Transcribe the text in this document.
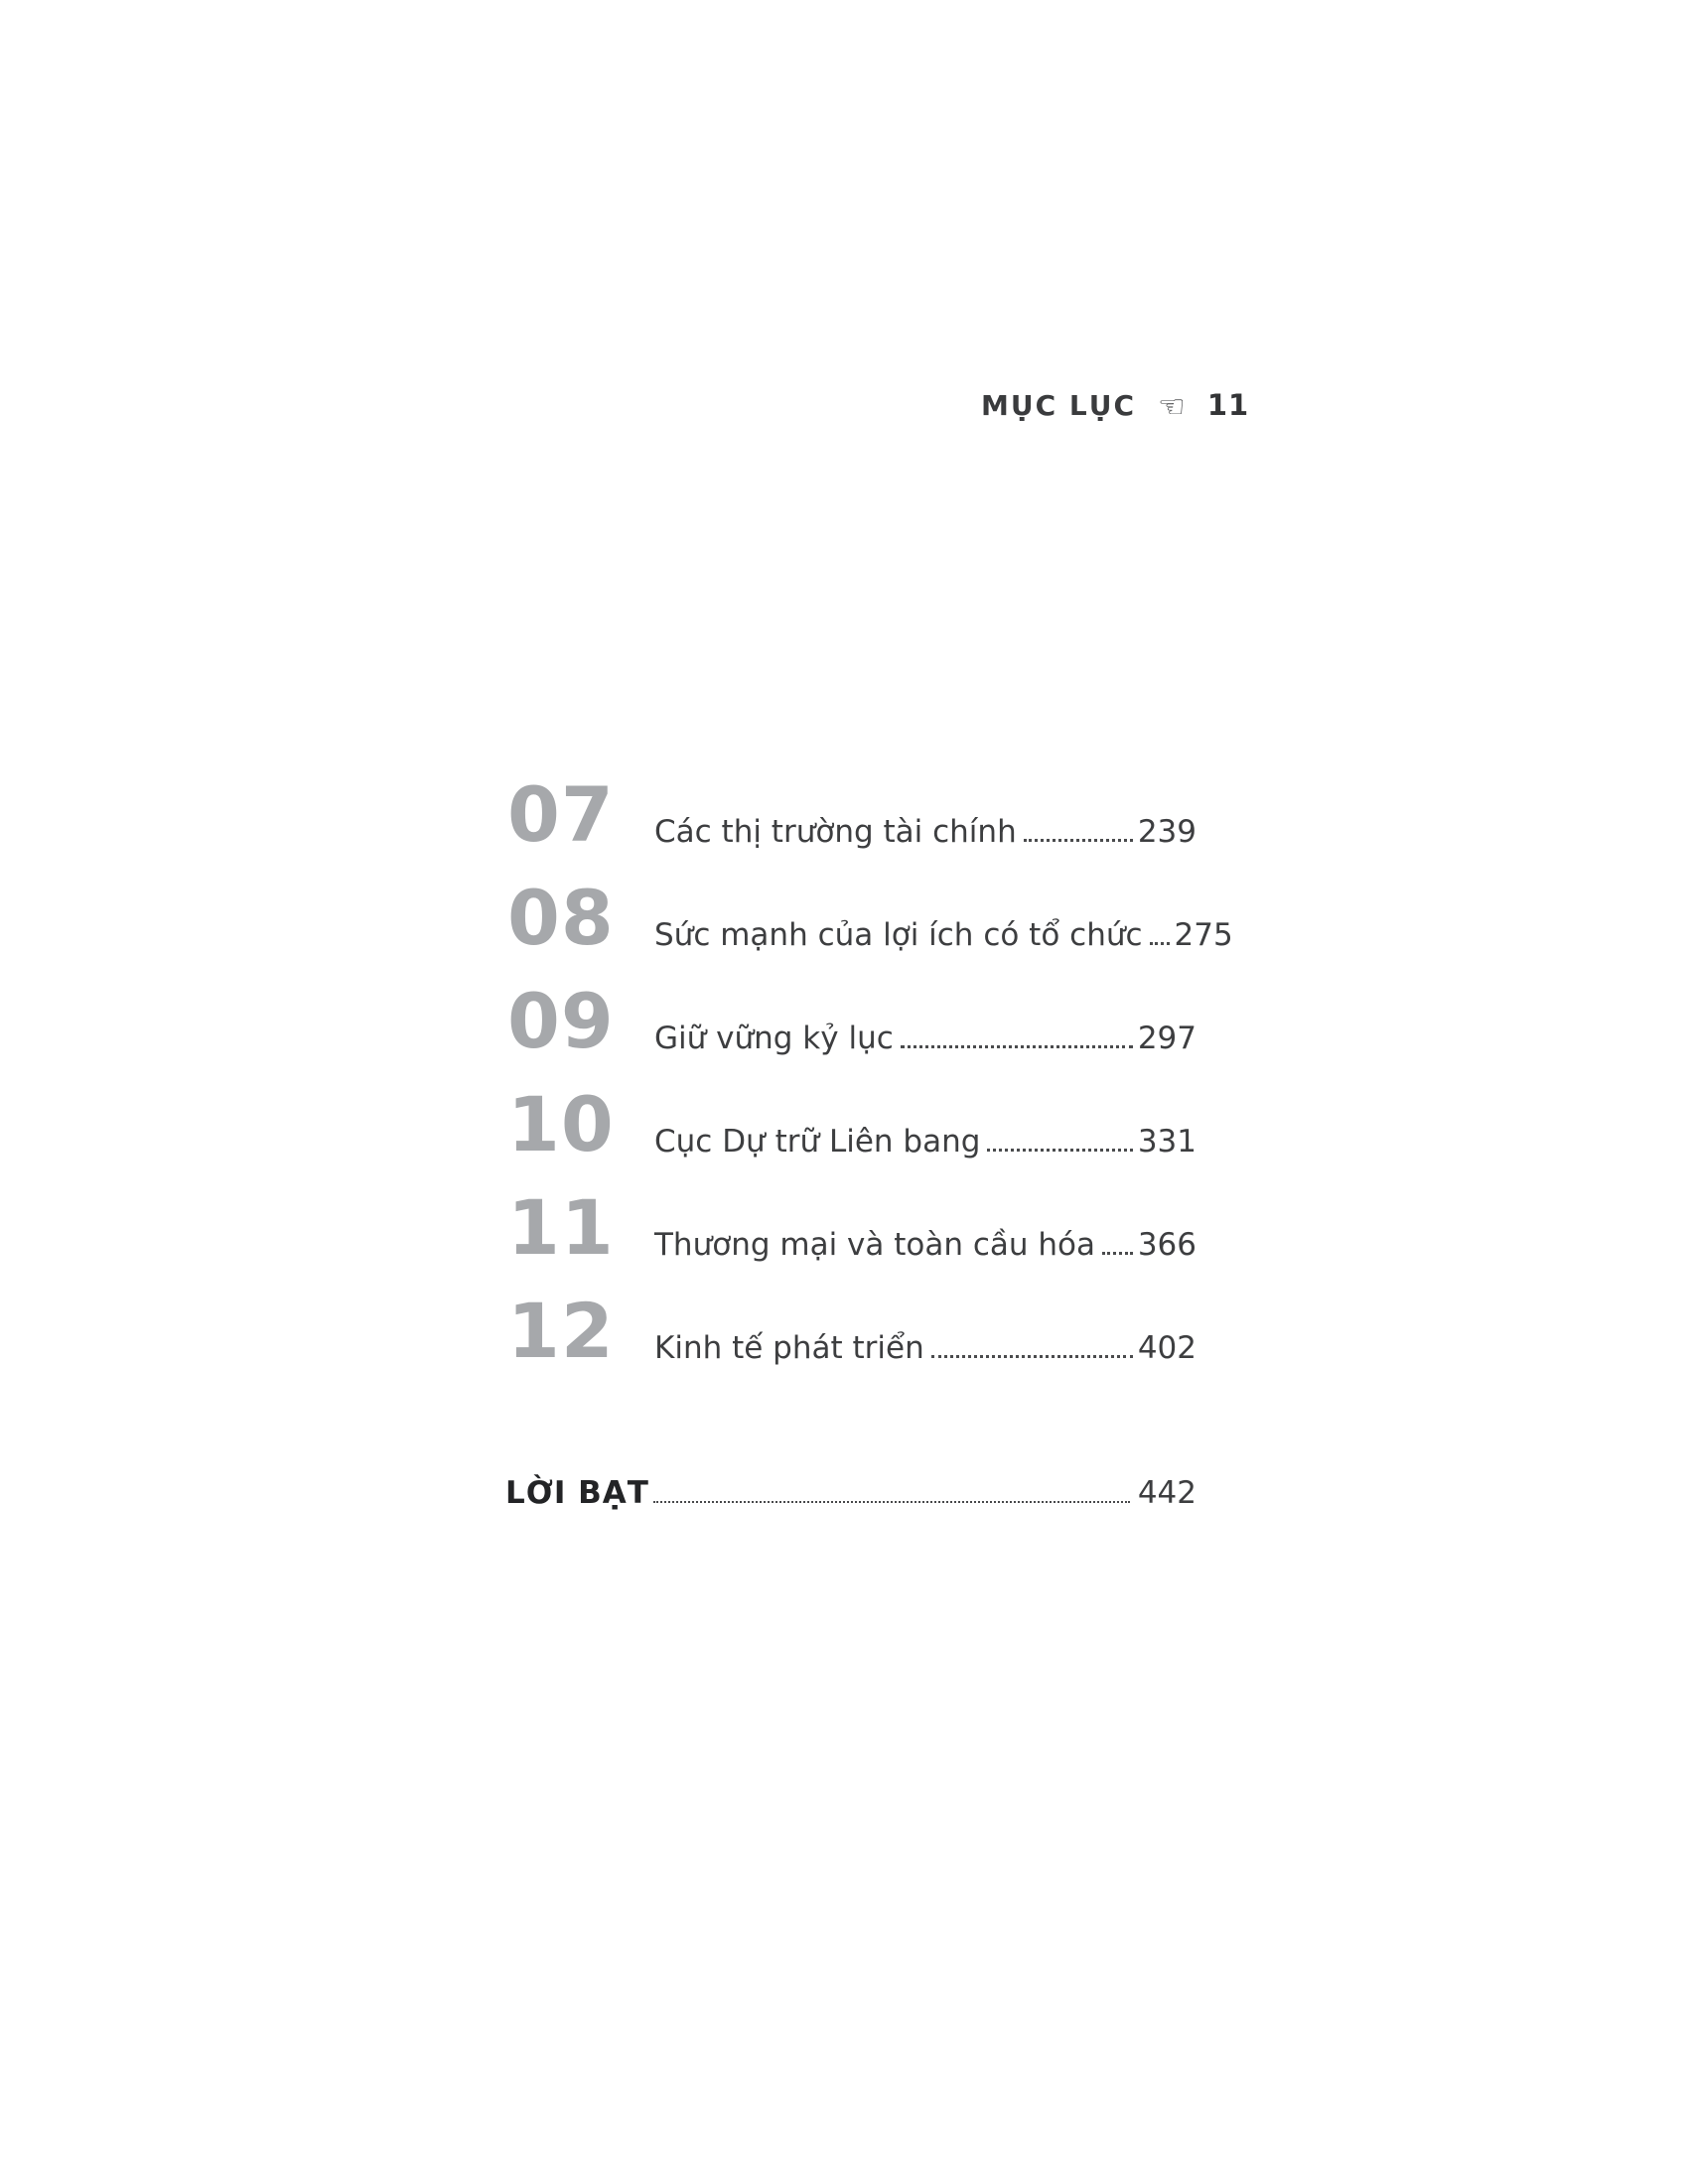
MỤC LỤC ☜ 11
07	Các thị trường tài chính	239
08	Sức mạnh của lợi ích có tổ chức 275
09	Giữ vững kỷ lục	297
10	Cục Dự trữ Liên bang	331
11	Thương mại và toàn cầu hóa 366
12	Kinh tế phát triển	402
LỜI BẠT	442
